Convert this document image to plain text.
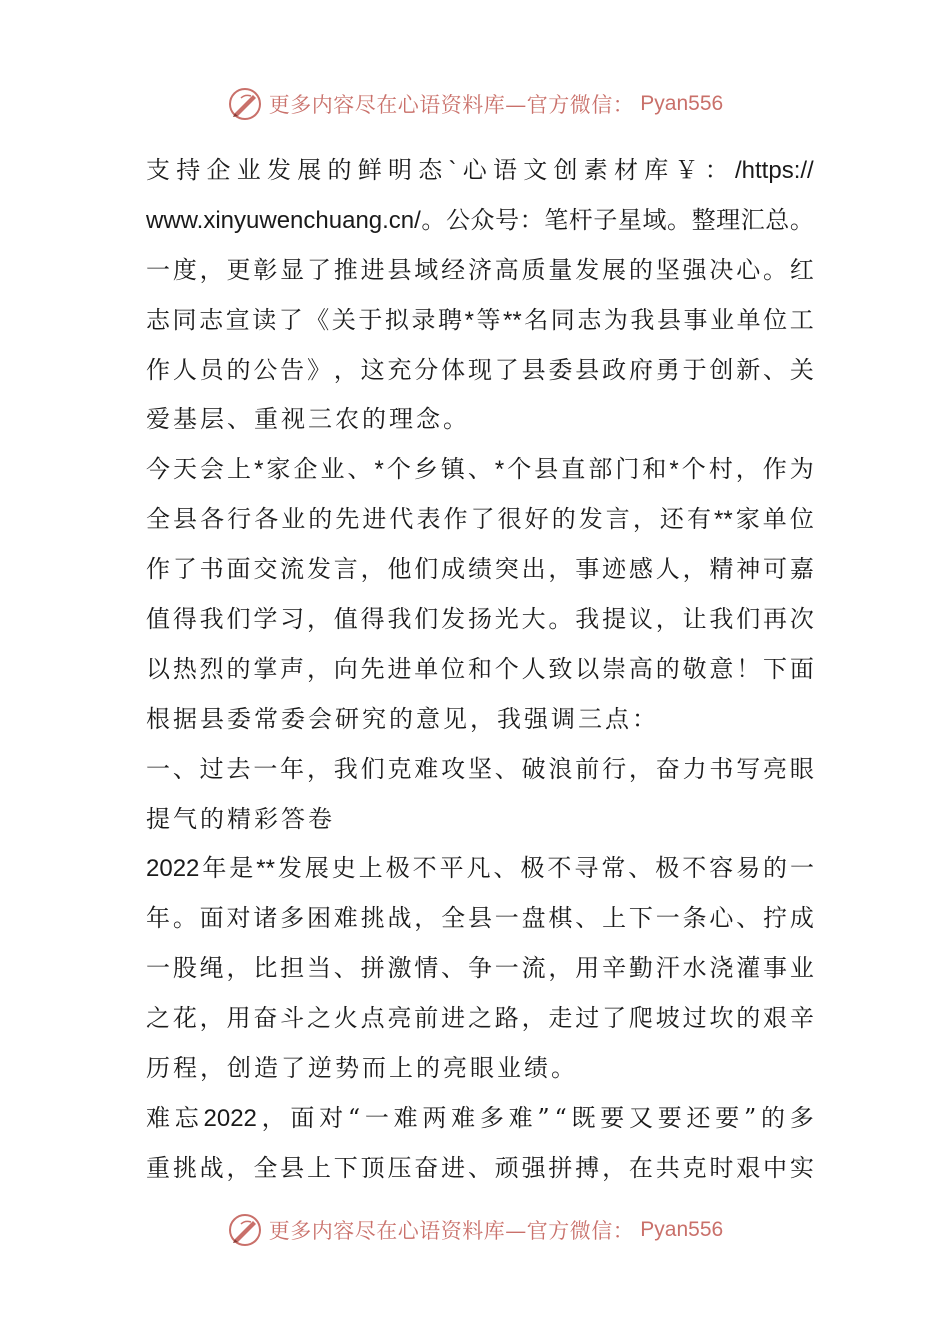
更多内容尽在心语资料库—官方微信： Pyan556
支 持 企 业 发 展 的 鲜 明 态 ` 心 语 文 创 素 材 库 ￥ ： /https://
www.xinyuwenchuang.cn/ 。 公 众 号 ： 笔 杆 子 星 域 。 整 理 汇 总 。
一 度 ， 更 彰 显 了 推 进 县 域 经 济 高 质 量 发 展 的 坚 强 决 心 。 红
志 同 志 宣 读 了 《 关 于 拟 录 聘 * 等 ** 名 同 志 为 我 县 事 业 单 位 工
作 人 员 的 公 告 》 ， 这 充 分 体 现 了 县 委 县 政 府 勇 于 创 新 、 关
爱 基 层 、 重 视 三 农 的 理 念 。
今 天 会 上 * 家 企 业 、 * 个 乡 镇 、 * 个 县 直 部 门 和 * 个 村 ， 作 为
全 县 各 行 各 业 的 先 进 代 表 作 了 很 好 的 发 言 ， 还 有 ** 家 单 位
作 了 书 面 交 流 发 言 ， 他 们 成 绩 突 出 ， 事 迹 感 人 ， 精 神 可 嘉
值 得 我 们 学 习 ， 值 得 我 们 发 扬 光 大 。 我 提 议 ， 让 我 们 再 次
以 热 烈 的 掌 声 ， 向 先 进 单 位 和 个 人 致 以 崇 高 的 敬 意 ！ 下 面
根 据 县 委 常 委 会 研 究 的 意 见 ， 我 强 调 三 点 ：
一 、 过 去 一 年 ， 我 们 克 难 攻 坚 、 破 浪 前 行 ， 奋 力 书 写 亮 眼
提 气 的 精 彩 答 卷
2022 年 是 ** 发 展 史 上 极 不 平 凡 、 极 不 寻 常 、 极 不 容 易 的 一
年 。 面 对 诸 多 困 难 挑 战 ， 全 县 一 盘 棋 、 上 下 一 条 心 、 拧 成
一 股 绳 ， 比 担 当 、 拼 激 情 、 争 一 流 ， 用 辛 勤 汗 水 浇 灌 事 业
之 花 ， 用 奋 斗 之 火 点 亮 前 进 之 路 ， 走 过 了 爬 坡 过 坎 的 艰 辛
历 程 ， 创 造 了 逆 势 而 上 的 亮 眼 业 绩 。
难 忘 2022 ， 面 对 “ 一 难 两 难 多 难 ” “ 既 要 又 要 还 要 ” 的 多
重 挑 战 ， 全 县 上 下 顶 压 奋 进 、 顽 强 拼 搏 ， 在 共 克 时 艰 中 实
更多内容尽在心语资料库—官方微信： Pyan556
